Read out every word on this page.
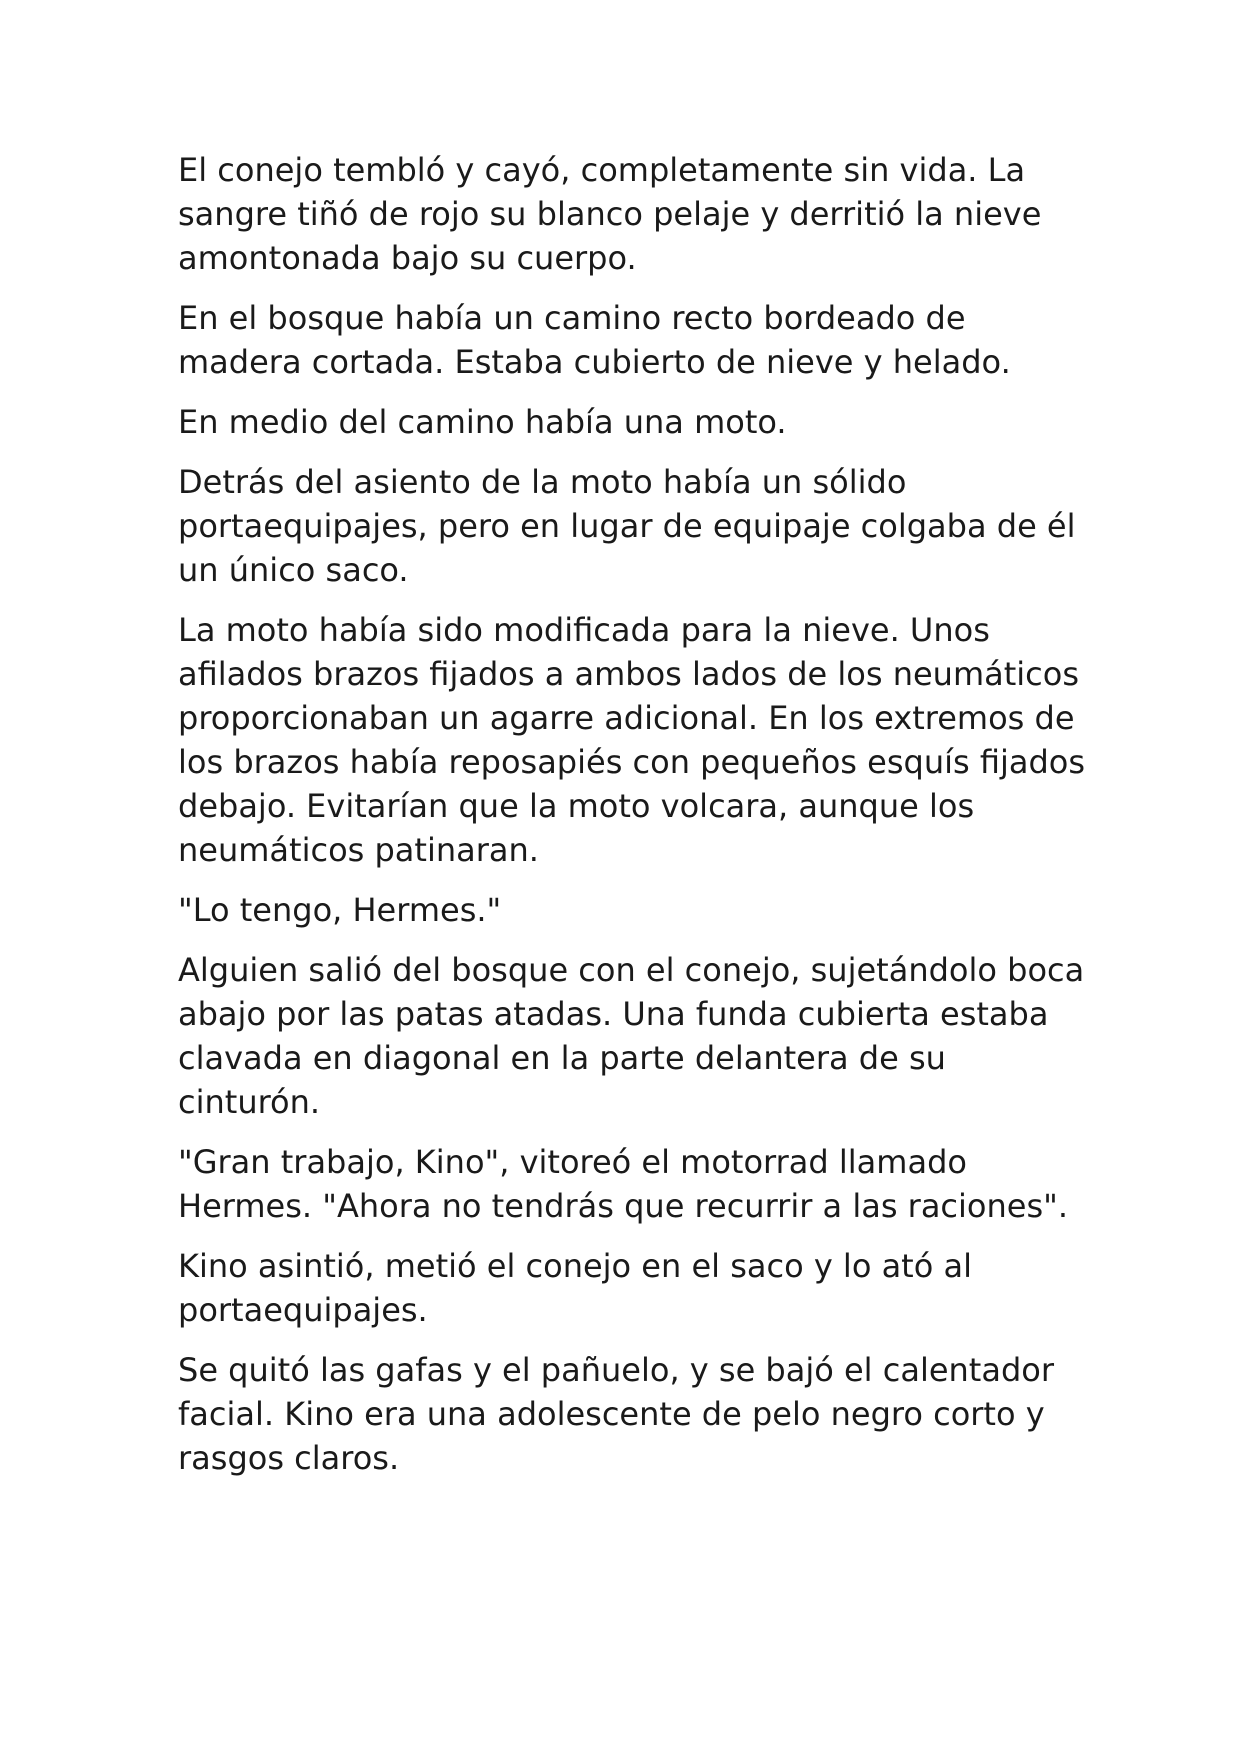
El conejo tembló y cayó, completamente sin vida. La sangre tiñó de rojo su blanco pelaje y derritió la nieve amontonada bajo su cuerpo.

En el bosque había un camino recto bordeado de madera cortada. Estaba cubierto de nieve y helado.

En medio del camino había una moto.

Detrás del asiento de la moto había un sólido portaequipajes, pero en lugar de equipaje colgaba de él un único saco.

La moto había sido modificada para la nieve. Unos afilados brazos fijados a ambos lados de los neumáticos proporcionaban un agarre adicional. En los extremos de los brazos había reposapiés con pequeños esquís fijados debajo. Evitarían que la moto volcara, aunque los neumáticos patinaran.

"Lo tengo, Hermes."

Alguien salió del bosque con el conejo, sujetándolo boca abajo por las patas atadas. Una funda cubierta estaba clavada en diagonal en la parte delantera de su cinturón.

"Gran trabajo, Kino", vitoreó el motorrad llamado Hermes. "Ahora no tendrás que recurrir a las raciones".

Kino asintió, metió el conejo en el saco y lo ató al portaequipajes.

Se quitó las gafas y el pañuelo, y se bajó el calentador facial. Kino era una adolescente de pelo negro corto y rasgos claros.
